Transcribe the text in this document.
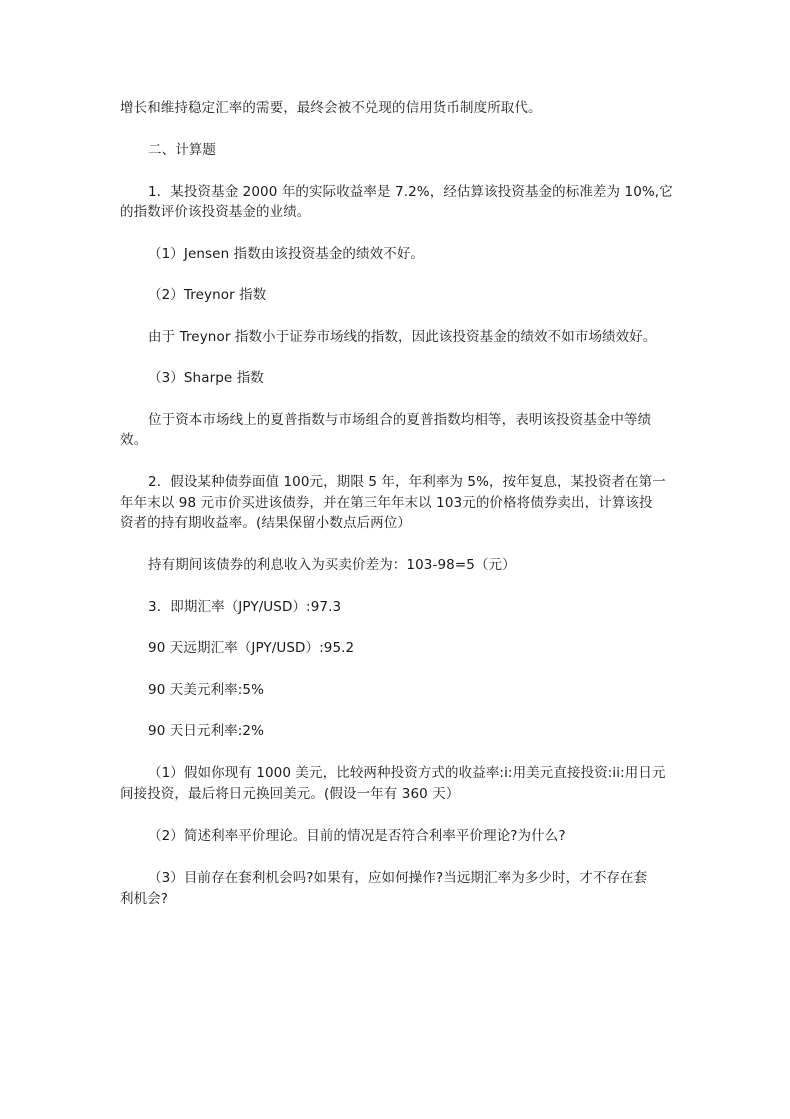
增长和维持稳定汇率的需要，最终会被不兑现的信用货币制度所取代。
二、计算题
1．某投资基金 2000 年的实际收益率是 7.2%，经估算该投资基金的标准差为 10%,它
的指数评价该投资基金的业绩。
（1）Jensen 指数由该投资基金的绩效不好。
（2）Treynor 指数
由于 Treynor 指数小于证券市场线的指数，因此该投资基金的绩效不如市场绩效好。
（3）Sharpe 指数
位于资本市场线上的夏普指数与市场组合的夏普指数均相等，表明该投资基金中等绩
效。
2．假设某种债券面值 100元，期限 5 年，年利率为 5%，按年复息，某投资者在第一
年年末以 98 元市价买进该债券，并在第三年年末以 103元的价格将债券卖出，计算该投
资者的持有期收益率。(结果保留小数点后两位）
持有期间该债券的利息收入为买卖价差为：103-98=5（元）
3．即期汇率（JPY/USD）:97.3
90 天远期汇率（JPY/USD）:95.2
90 天美元利率:5%
90 天日元利率:2%
（1）假如你现有 1000 美元，比较两种投资方式的收益率:i:用美元直接投资:ii:用日元
间接投资，最后将日元换回美元。(假设一年有 360 天）
（2）简述利率平价理论。目前的情况是否符合利率平价理论?为什么?
（3）目前存在套利机会吗?如果有，应如何操作?当远期汇率为多少时，才不存在套
利机会?
